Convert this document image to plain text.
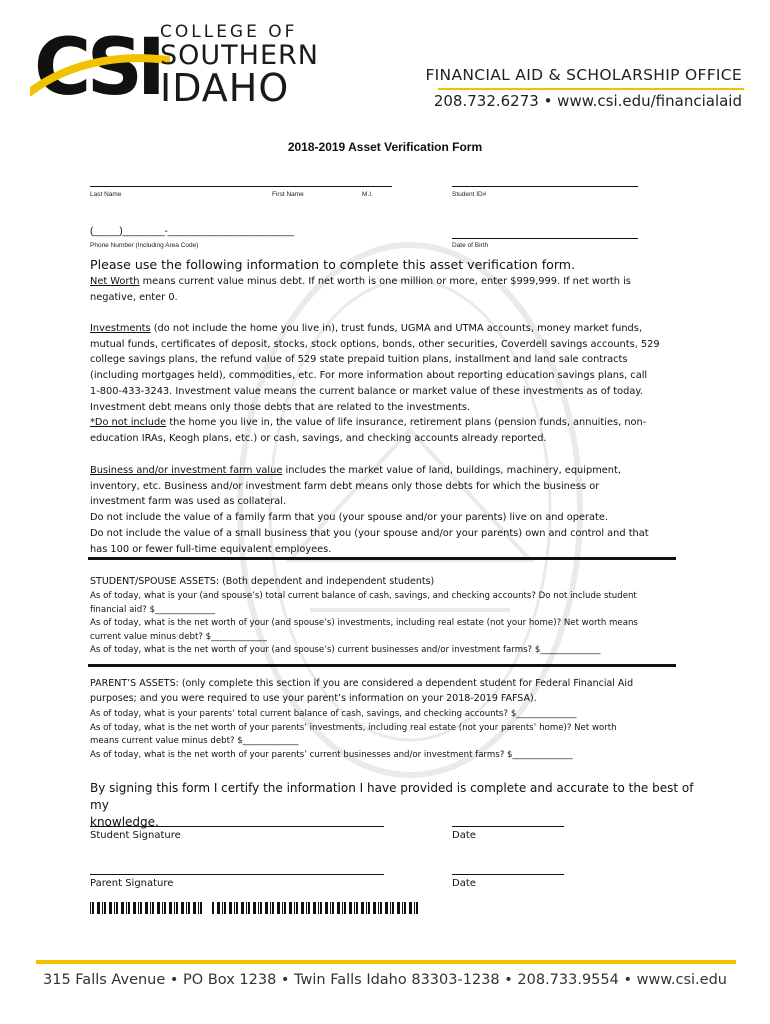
CSI COLLEGE OF
SOUTHERN
IDAHO	FINANCIAL AID & SCHOLARSHIP OFFICE
208.732.6273 • www.csi.edu/financialaid
2018-2019 Asset Verification Form
Last Name	First Name	M.I.	Student ID#
(_____)________-________________________
Phone Number (Including Area Code)	Date of Birth
Please use the following information to complete this asset verification form.
Net Worth means current value minus debt. If net worth is one million or more, enter $999,999. If net worth is
negative, enter 0.
Investments (do not include the home you live in), trust funds, UGMA and UTMA accounts, money market funds,
mutual funds, certificates of deposit, stocks, stock options, bonds, other securities, Coverdell savings accounts, 529
college savings plans, the refund value of 529 state prepaid tuition plans, installment and land sale contracts
(including mortgages held), commodities, etc. For more information about reporting education savings plans, call
1-800-433-3243. Investment value means the current balance or market value of these investments as of today.
Investment debt means only those debts that are related to the investments.
*Do not include the home you live in, the value of life insurance, retirement plans (pension funds, annuities, non-
education IRAs, Keogh plans, etc.) or cash, savings, and checking accounts already reported.
Business and/or investment farm value includes the market value of land, buildings, machinery, equipment,
inventory, etc. Business and/or investment farm debt means only those debts for which the business or
investment farm was used as collateral.
Do not include the value of a family farm that you (your spouse and/or your parents) live on and operate.
Do not include the value of a small business that you (your spouse and/or your parents) own and control and that
has 100 or fewer full-time equivalent employees.
STUDENT/SPOUSE ASSETS: (Both dependent and independent students)
As of today, what is your (and spouse’s) total current balance of cash, savings, and checking accounts? Do not include student
financial aid? $______________
As of today, what is the net worth of your (and spouse’s) investments, including real estate (not your home)? Net worth means
current value minus debt? $_____________
As of today, what is the net worth of your (and spouse’s) current businesses and/or investment farms? $______________
PARENT’S ASSETS: (only complete this section if you are considered a dependent student for Federal Financial Aid
purposes; and you were required to use your parent’s information on your 2018-2019 FAFSA).
As of today, what is your parents’ total current balance of cash, savings, and checking accounts? $______________
As of today, what is the net worth of your parents’ investments, including real estate (not your parents’ home)? Net worth
means current value minus debt? $_____________
As of today, what is the net worth of your parents’ current businesses and/or investment farms? $______________
By signing this form I certify the information I have provided is complete and accurate to the best of my
knowledge.
Student Signature	Date
Parent Signature	Date
315 Falls Avenue • PO Box 1238 • Twin Falls Idaho 83303-1238 • 208.733.9554 • www.csi.edu
